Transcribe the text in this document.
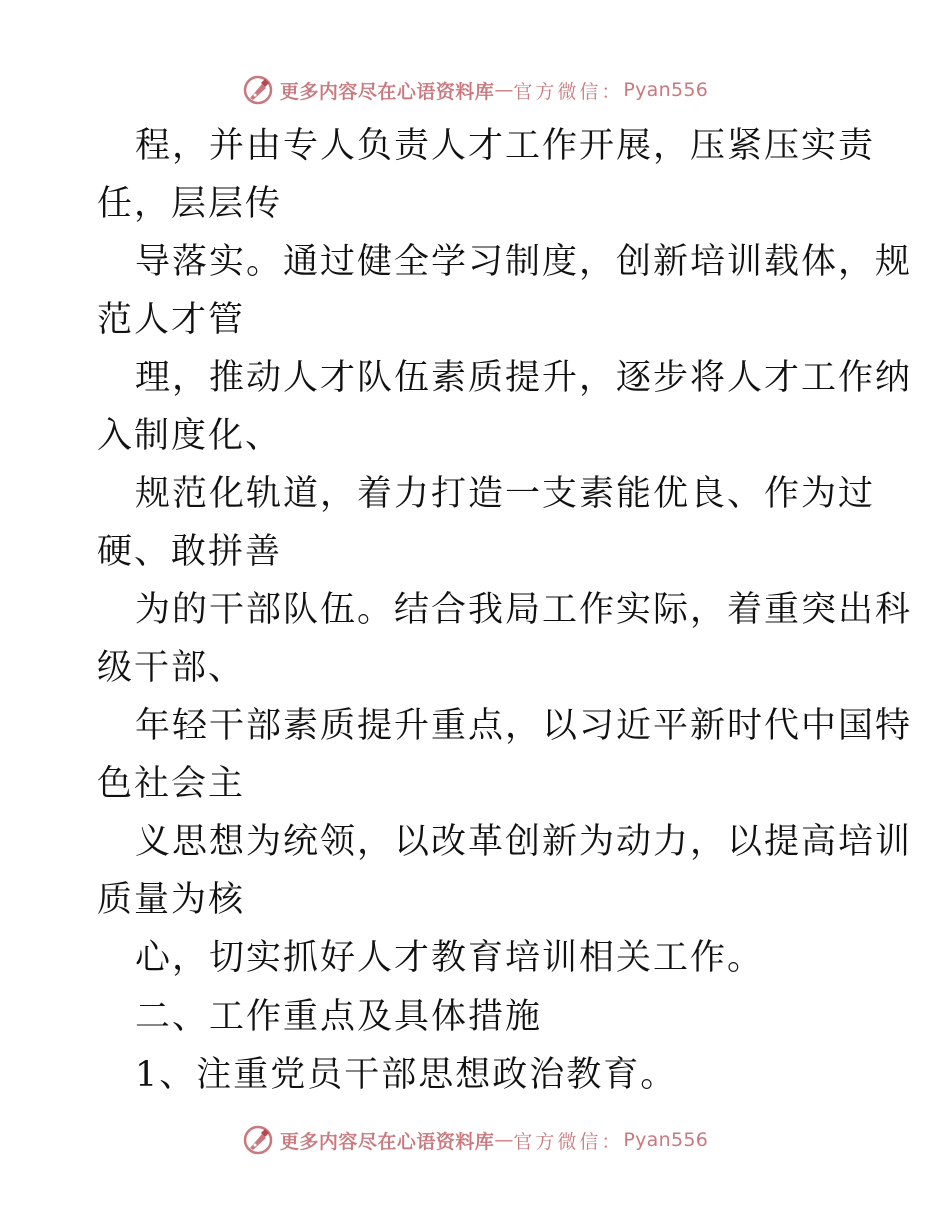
更多内容尽在心语资料库 — 官方微信： Pyan556
程，并由专人负责人才工作开展，压紧压实责
任，层层传
导落实。通过健全学习制度，创新培训载体，规
范人才管
理，推动人才队伍素质提升，逐步将人才工作纳
入制度化、
规范化轨道，着力打造一支素能优良、作为过
硬、敢拼善
为的干部队伍。结合我局工作实际，着重突出科
级干部、
年轻干部素质提升重点，以习近平新时代中国特
色社会主
义思想为统领，以改革创新为动力，以提高培训
质量为核
心，切实抓好人才教育培训相关工作。
二、工作重点及具体措施
1、注重党员干部思想政治教育。
更多内容尽在心语资料库 — 官方微信： Pyan556
